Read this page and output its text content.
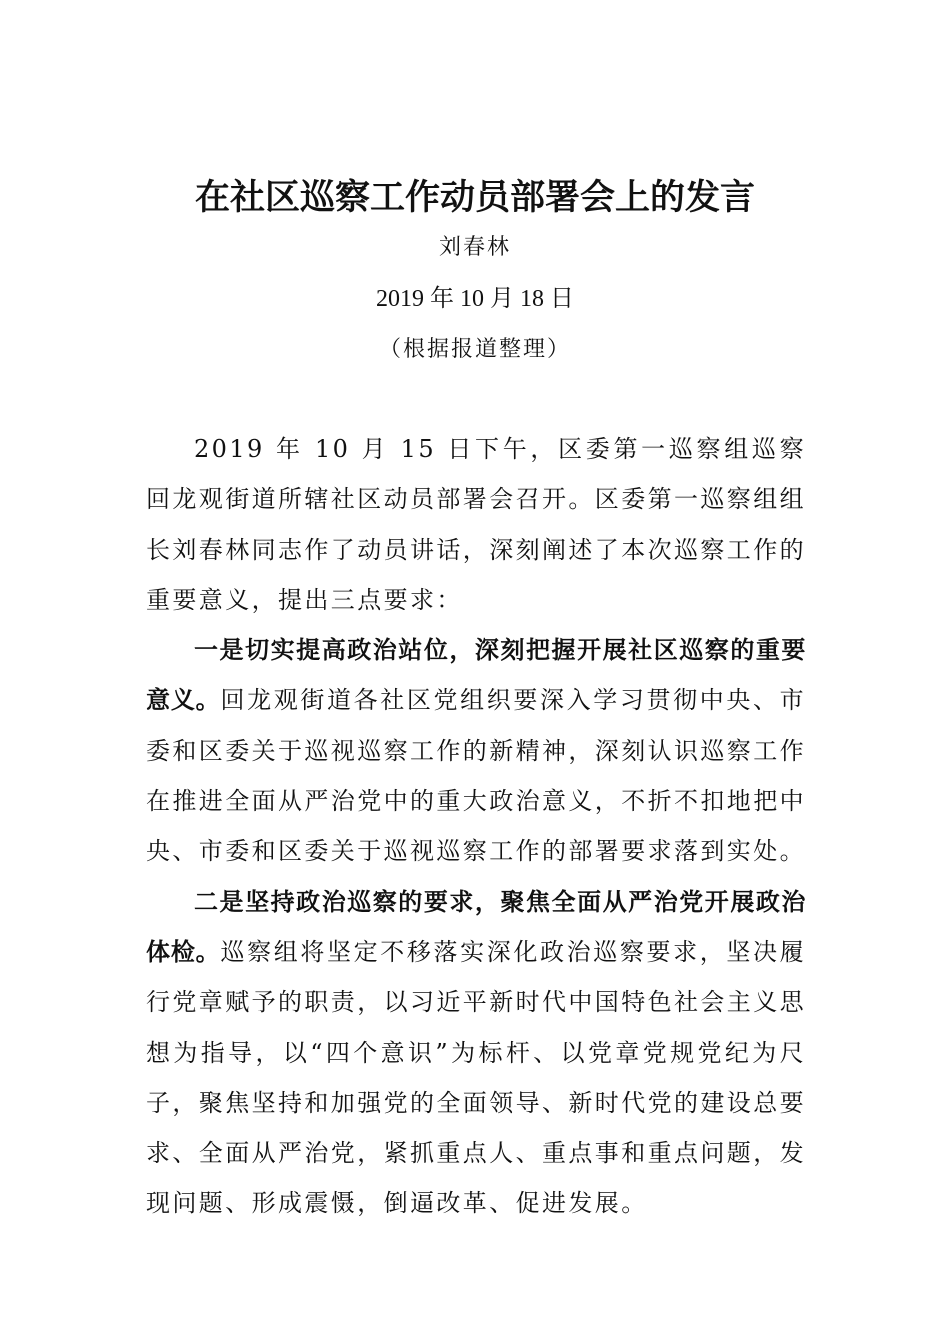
在社区巡察工作动员部署会上的发言

刘春林

2019 年 10 月 18 日

（根据报道整理）

2019 年 10 月 15 日下午，区委第一巡察组巡察回龙观街道所辖社区动员部署会召开。区委第一巡察组组长刘春林同志作了动员讲话，深刻阐述了本次巡察工作的重要意义，提出三点要求：

一是切实提高政治站位，深刻把握开展社区巡察的重要意义。回龙观街道各社区党组织要深入学习贯彻中央、市委和区委关于巡视巡察工作的新精神，深刻认识巡察工作在推进全面从严治党中的重大政治意义，不折不扣地把中央、市委和区委关于巡视巡察工作的部署要求落到实处。

二是坚持政治巡察的要求，聚焦全面从严治党开展政治体检。巡察组将坚定不移落实深化政治巡察要求，坚决履行党章赋予的职责，以习近平新时代中国特色社会主义思想为指导，以“四个意识”为标杆、以党章党规党纪为尺子，聚焦坚持和加强党的全面领导、新时代党的建设总要求、全面从严治党，紧抓重点人、重点事和重点问题，发现问题、形成震慑，倒逼改革、促进发展。
